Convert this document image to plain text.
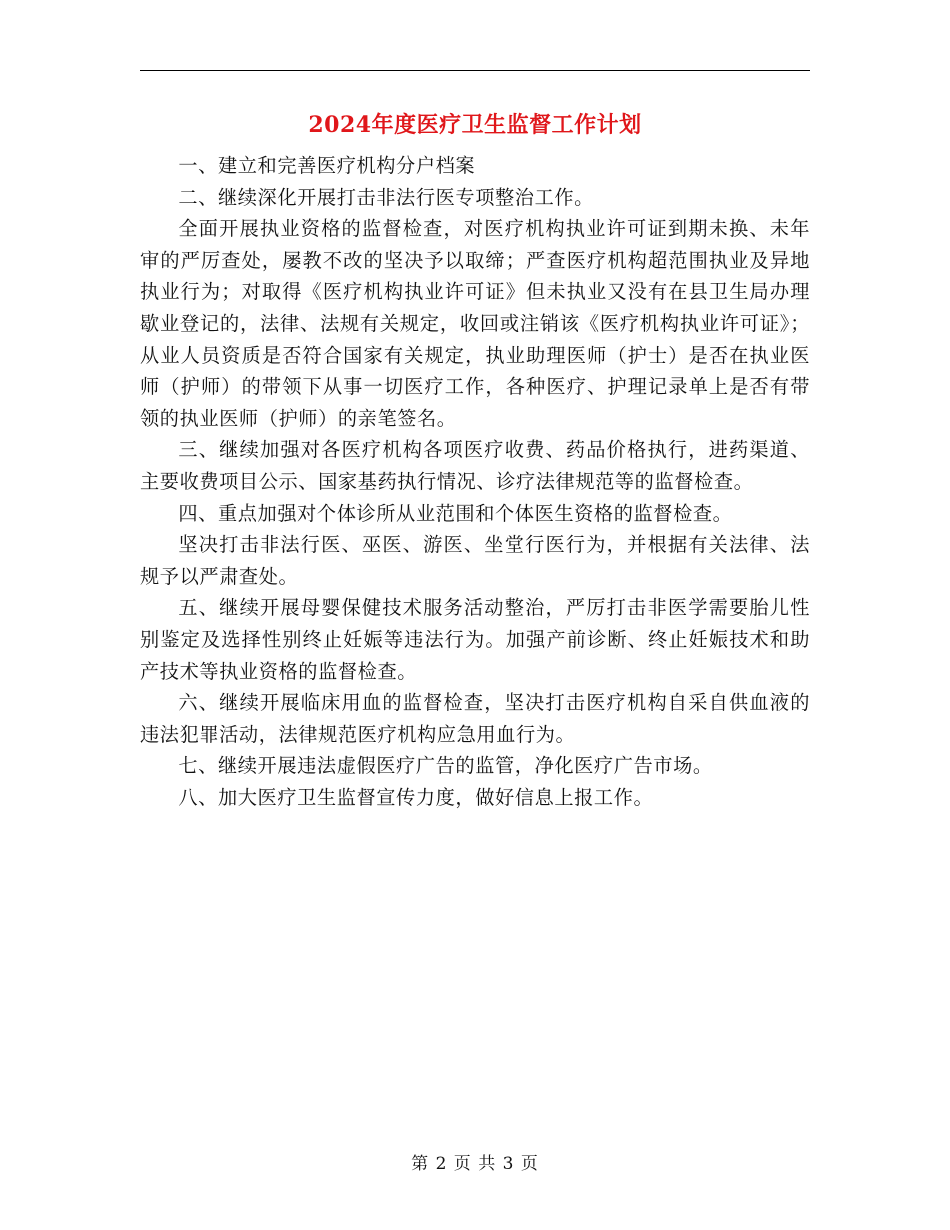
2024年度医疗卫生监督工作计划

一、建立和完善医疗机构分户档案

二、继续深化开展打击非法行医专项整治工作。

全面开展执业资格的监督检查，对医疗机构执业许可证到期未换、未年审的严厉查处，屡教不改的坚决予以取缔；严查医疗机构超范围执业及异地执业行为；对取得《医疗机构执业许可证》但未执业又没有在县卫生局办理歇业登记的，法律、法规有关规定，收回或注销该《医疗机构执业许可证》；从业人员资质是否符合国家有关规定，执业助理医师（护士）是否在执业医师（护师）的带领下从事一切医疗工作，各种医疗、护理记录单上是否有带领的执业医师（护师）的亲笔签名。

三、继续加强对各医疗机构各项医疗收费、药品价格执行，进药渠道、主要收费项目公示、国家基药执行情况、诊疗法律规范等的监督检查。

四、重点加强对个体诊所从业范围和个体医生资格的监督检查。

坚决打击非法行医、巫医、游医、坐堂行医行为，并根据有关法律、法规予以严肃查处。

五、继续开展母婴保健技术服务活动整治，严厉打击非医学需要胎儿性别鉴定及选择性别终止妊娠等违法行为。加强产前诊断、终止妊娠技术和助产技术等执业资格的监督检查。

六、继续开展临床用血的监督检查，坚决打击医疗机构自采自供血液的违法犯罪活动，法律规范医疗机构应急用血行为。

七、继续开展违法虚假医疗广告的监管，净化医疗广告市场。

八、加大医疗卫生监督宣传力度，做好信息上报工作。

第 2 页 共 3 页
